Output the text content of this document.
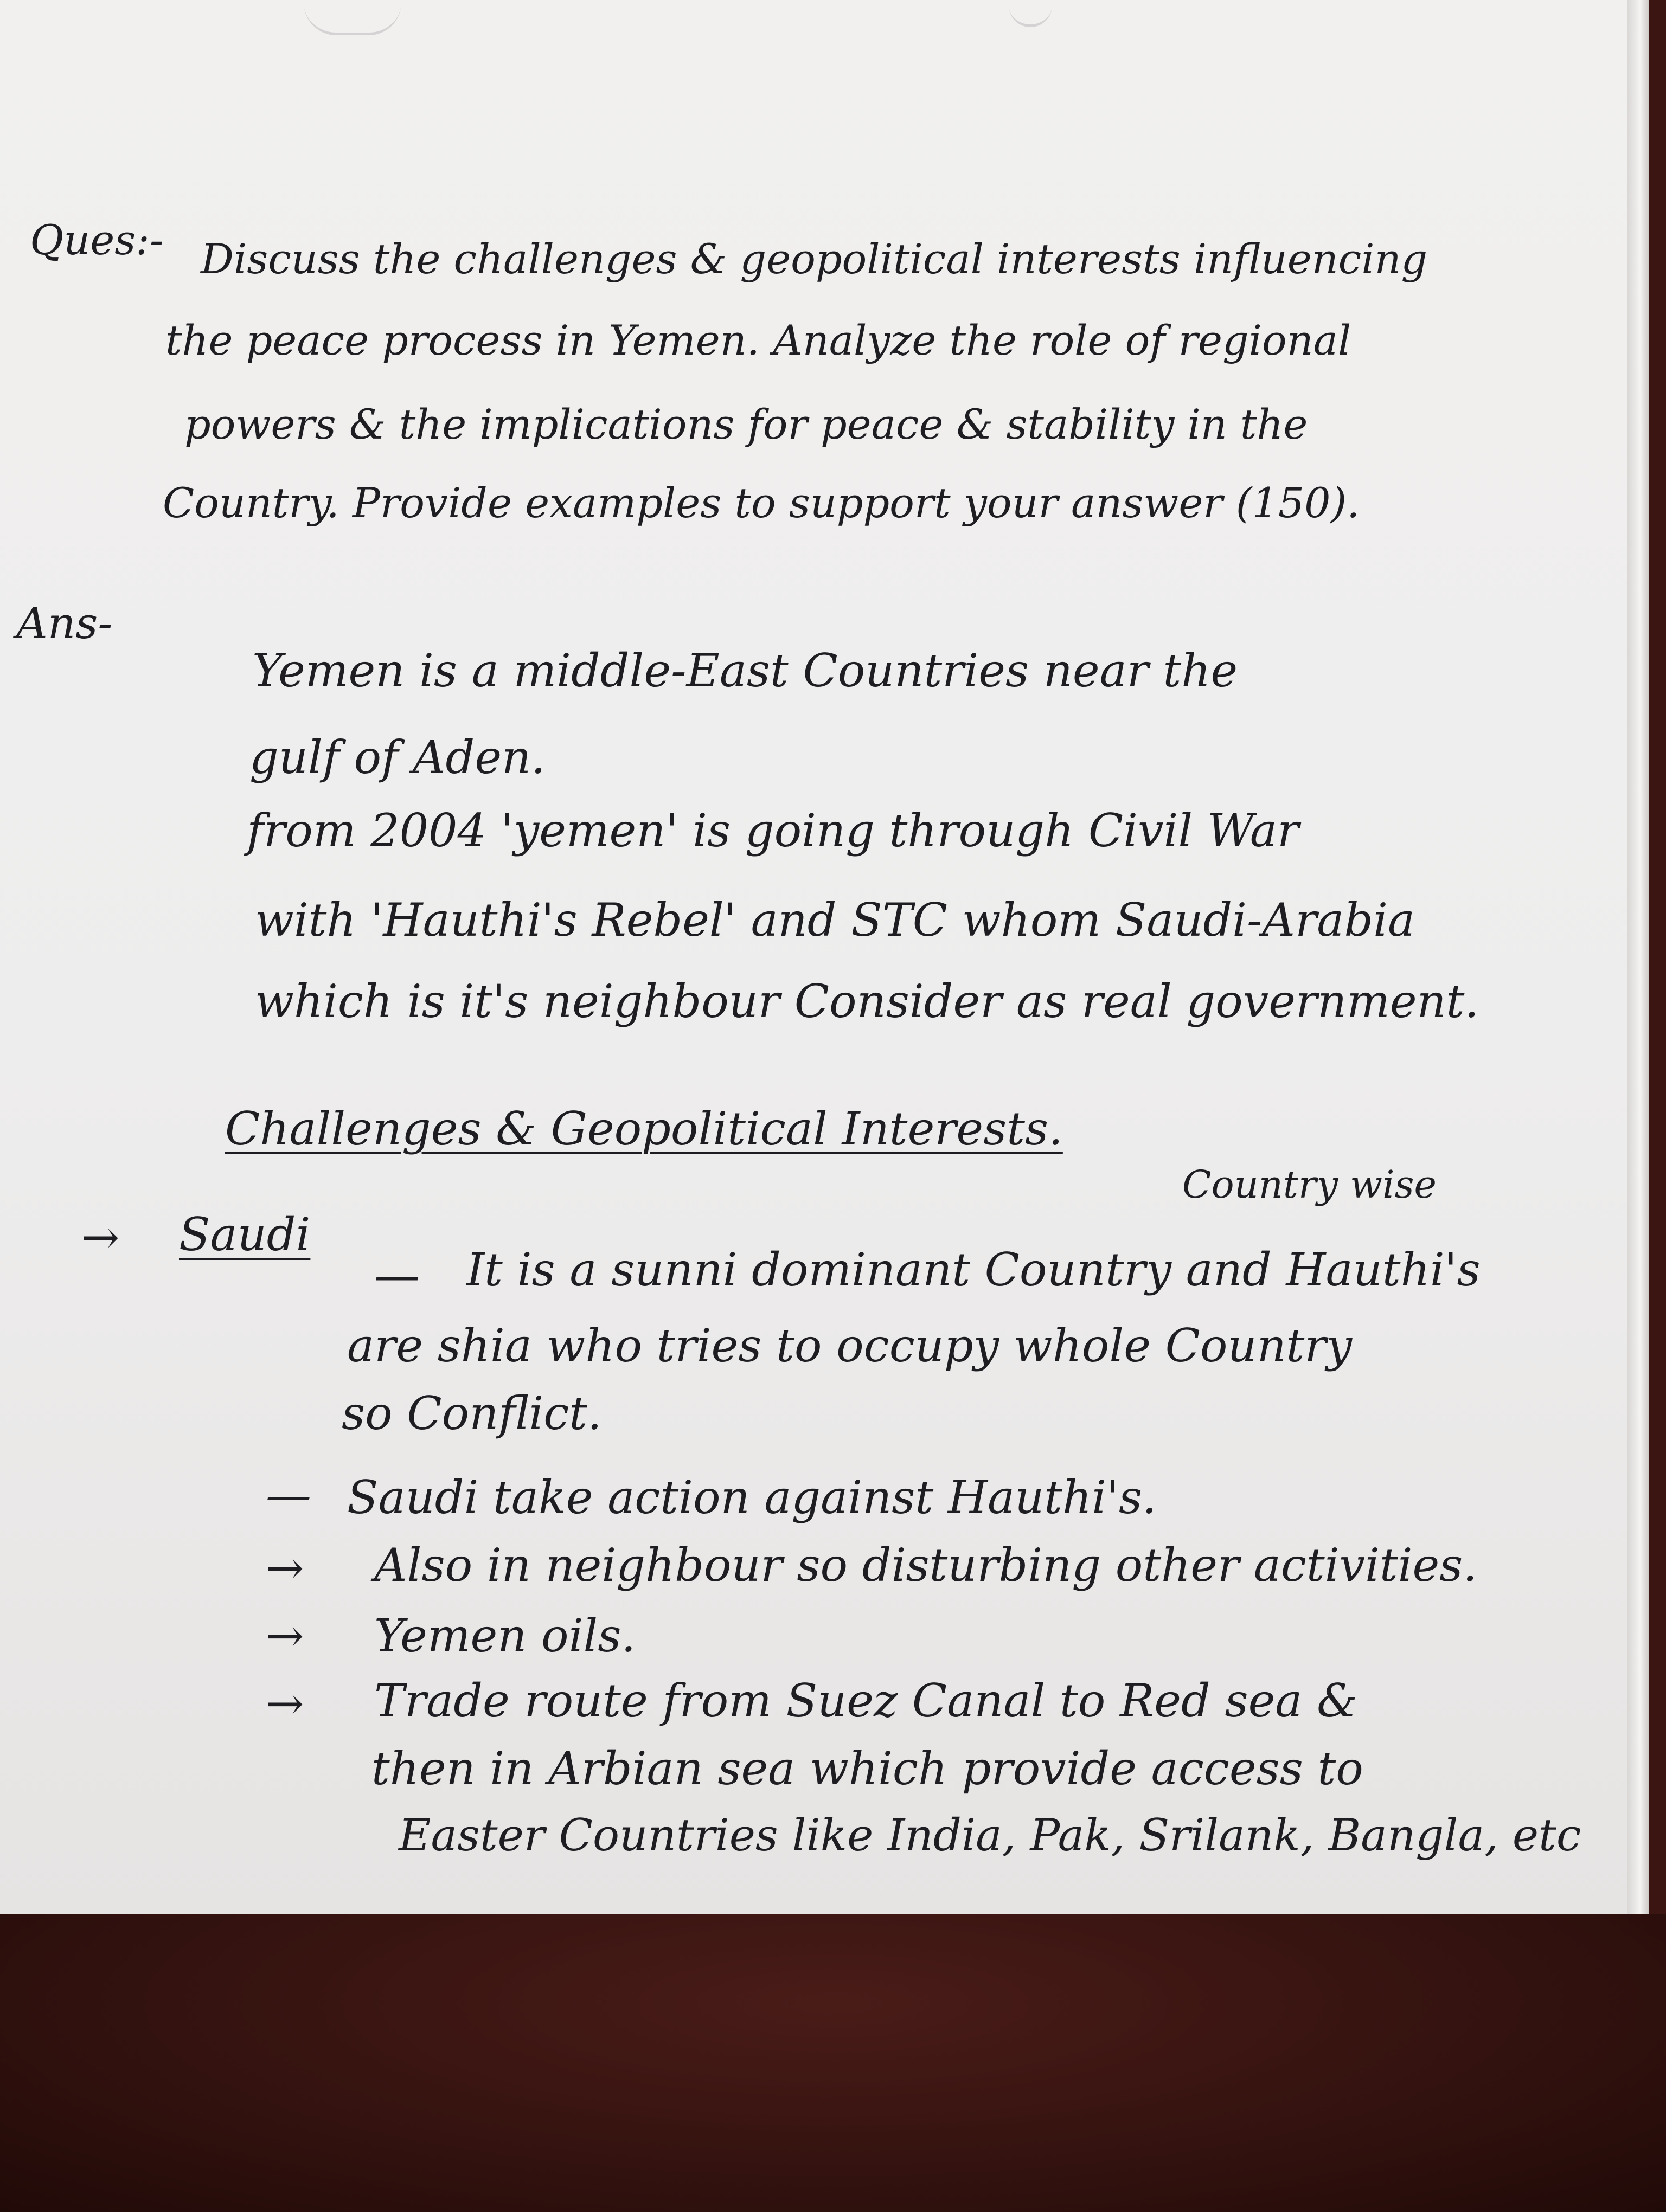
Ques:- Discuss the challenges & geopolitical interests influencing
the peace process in Yemen. Analyze the role of regional
powers & the implications for peace & stability in the
Country. Provide examples to support your answer (150).
Ans-
Yemen is a middle-East Countries near the
gulf of Aden.
from 2004 'yemen' is going through Civil War
with 'Hauthi's Rebel' and STC whom Saudi-Arabia
which is it's neighbour Consider as real government.
Challenges & Geopolitical Interests.
Country wise
→ Saudi
— It is a sunni dominant Country and Hauthi's
are shia who tries to occupy whole Country
so Conflict.
— Saudi take action against Hauthi's.
→ Also in neighbour so disturbing other activities.
→ Yemen oils.
→ Trade route from Suez Canal to Red sea &
then in Arbian sea which provide access to
Easter Countries like India, Pak, Srilank, Bangla, etc
